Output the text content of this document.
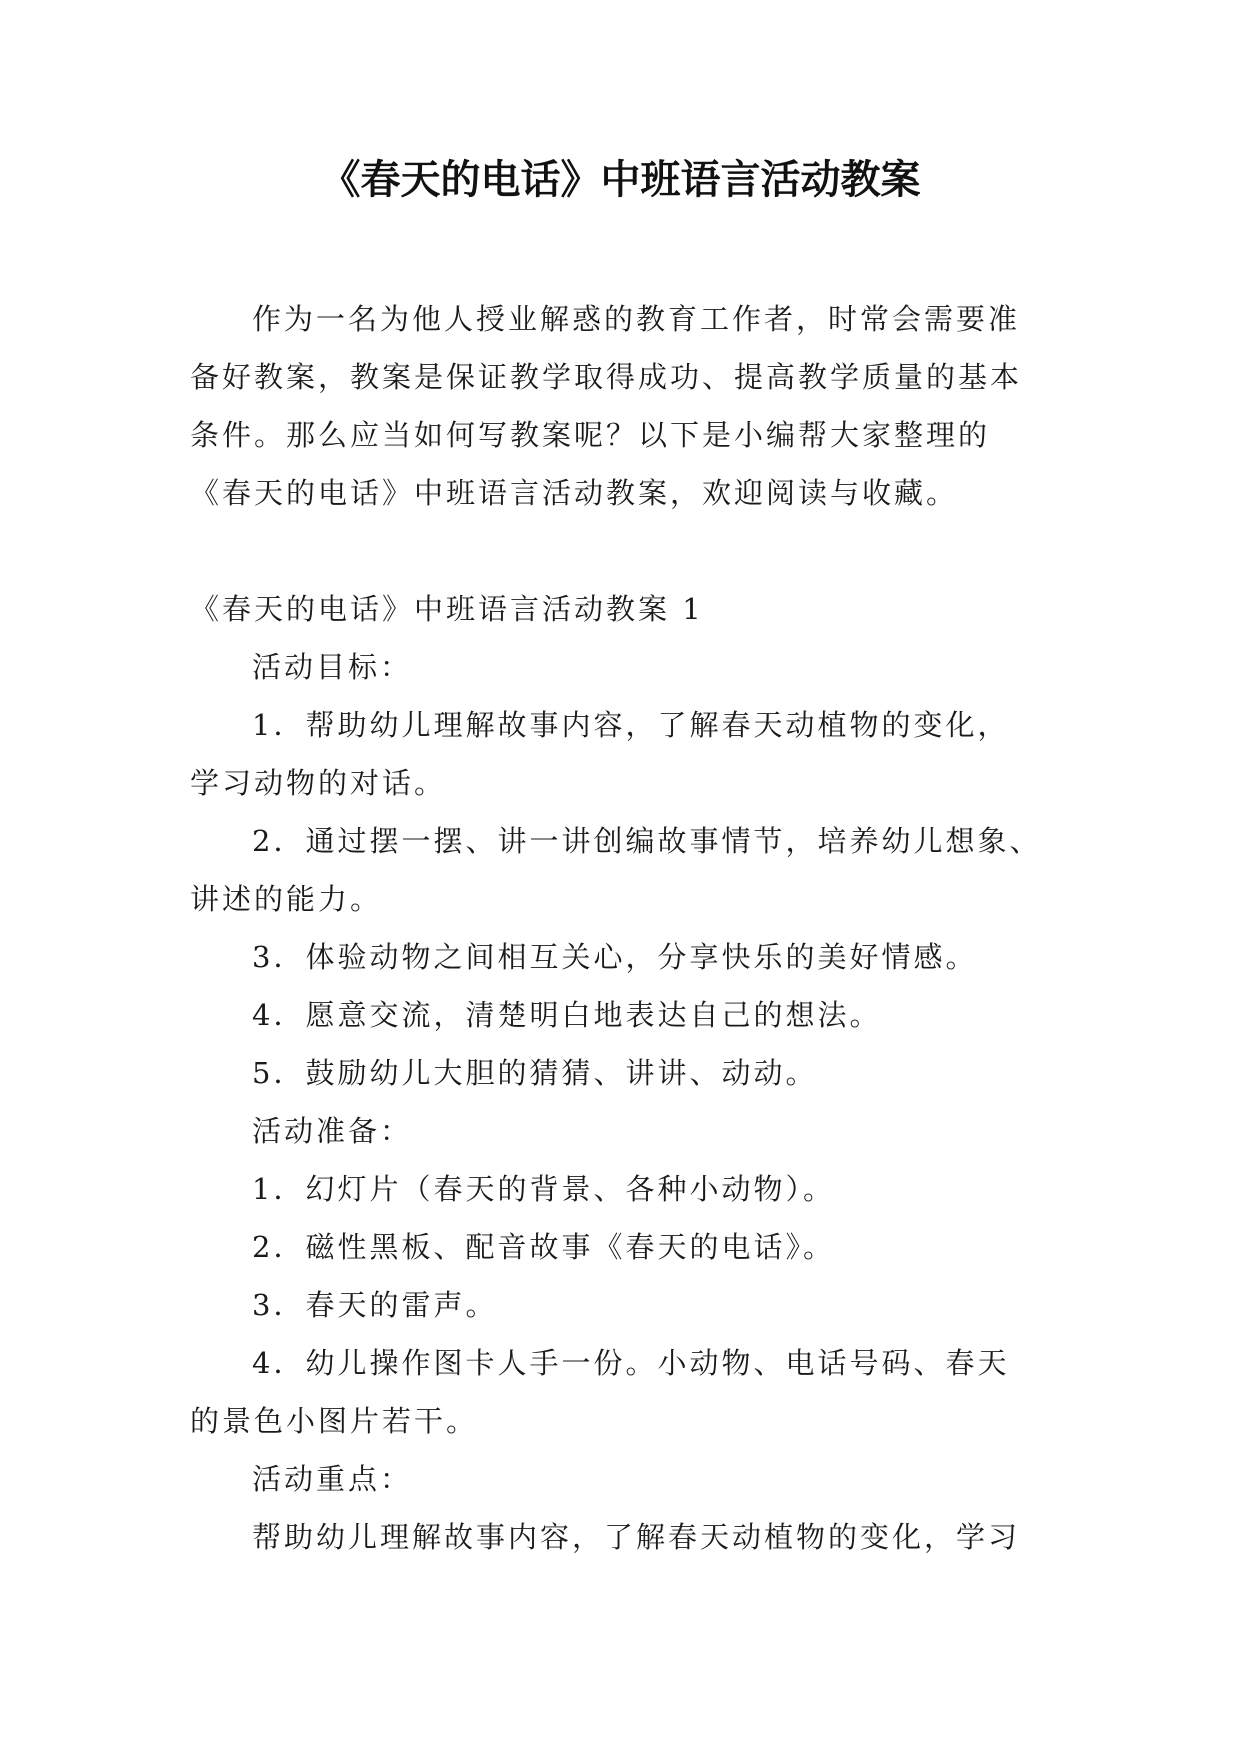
《春天的电话》中班语言活动教案

作为一名为他人授业解惑的教育工作者，时常会需要准

备好教案，教案是保证教学取得成功、提高教学质量的基本

条件。那么应当如何写教案呢？以下是小编帮大家整理的

《春天的电话》中班语言活动教案，欢迎阅读与收藏。

《春天的电话》中班语言活动教案 1

活动目标：

1．帮助幼儿理解故事内容，了解春天动植物的变化，

学习动物的对话。

2．通过摆一摆、讲一讲创编故事情节，培养幼儿想象、

讲述的能力。

3．体验动物之间相互关心，分享快乐的美好情感。

4．愿意交流，清楚明白地表达自己的想法。

5．鼓励幼儿大胆的猜猜、讲讲、动动。

活动准备：

1．幻灯片（春天的背景、各种小动物）。

2．磁性黑板、配音故事《春天的电话》。

3．春天的雷声。

4．幼儿操作图卡人手一份。小动物、电话号码、春天

的景色小图片若干。

活动重点：

帮助幼儿理解故事内容，了解春天动植物的变化，学习
